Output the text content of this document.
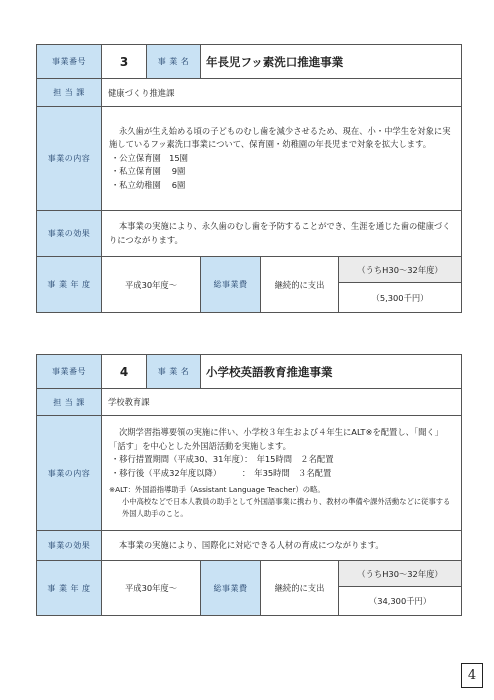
事業番号	3	事 業 名	年長児フッ素洗口推進事業		
担 当 課	健康づくり推進課				
事業の内容	永久歯が生え始める頃の子どものむし歯を減少させるため、現在、小・中学生を対象に実施しているフッ素洗口事業について、保育園・幼稚園の年長児まで対象を拡大します。

・公立保育園　15園

・私立保育園　 9園

・私立幼稚園　 6園				

事業の効果	本事業の実施により、永久歯のむし歯を予防することができ、生涯を通じた歯の健康づくりにつながります。				

事 業 年 度	平成30年度〜		総事業費	継続的に支出	（うちH30〜32年度）
					（5,300千円）
事業番号	4	事 業 名	小学校英語教育推進事業		
担 当 課	学校教育課				
事業の内容	次期学習指導要領の実施に伴い、小学校３年生および４年生にALT※を配置し、「聞く」「話す」を中心とした外国語活動を実施します。

・移行措置期間（平成30、31年度）：　年15時間　２名配置

・移行後（平成32年度以降）　　　：　年35時間　３名配置

※ALT：外国語指導助手（Assistant Language Teacher）の略。

小中高校などで日本人教員の助手として外国語事業に携わり、教材の準備や課外活動などに従事する外国人助手のこと。				

事業の効果	本事業の実施により、国際化に対応できる人材の育成につながります。				

事 業 年 度	平成30年度〜		総事業費	継続的に支出	（うちH30〜32年度）
					（34,300千円）
4
